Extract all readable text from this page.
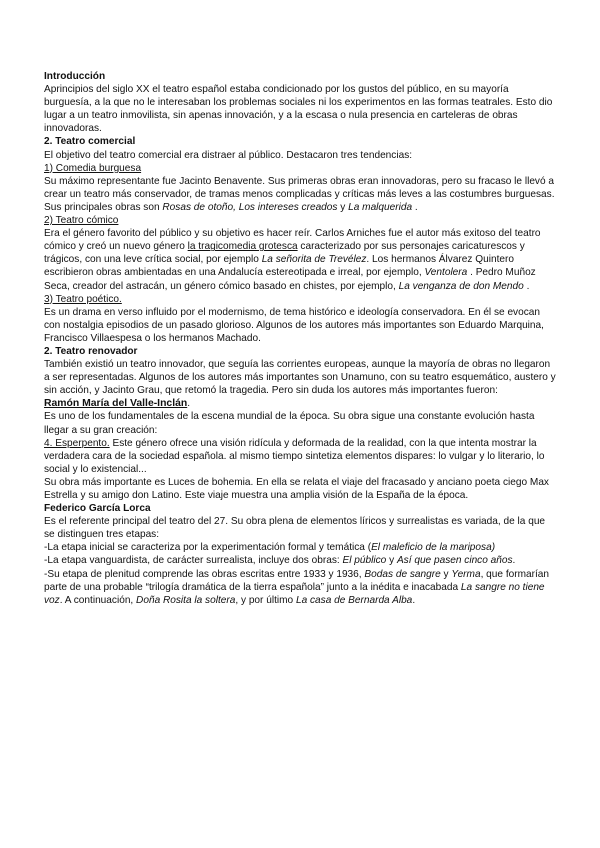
Introducción

Aprincipios del siglo XX el teatro español estaba condicionado por los gustos del público, en su mayoría burguesía, a la que no le interesaban los problemas sociales ni los experimentos en las formas teatrales. Esto dio lugar a un teatro inmovilista, sin apenas innovación, y a la escasa o nula presencia en carteleras de obras innovadoras.

2. Teatro comercial

El objetivo del teatro comercial era distraer al público. Destacaron tres tendencias:

1) Comedia burguesa

Su máximo representante fue Jacinto Benavente. Sus primeras obras eran innovadoras, pero su fracaso le llevó a crear un teatro más conservador, de tramas menos complicadas y críticas más leves a las costumbres burguesas. Sus principales obras son Rosas de otoño, Los intereses creados y La malquerida .

2) Teatro cómico

Era el género favorito del público y su objetivo es hacer reír. Carlos Arniches fue el autor más exitoso del teatro cómico y creó un nuevo género la tragicomedia grotesca caracterizado por sus personajes caricaturescos y trágicos, con una leve crítica social, por ejemplo La señorita de Trevélez. Los hermanos Álvarez Quintero escribieron obras ambientadas en una Andalucía estereotipada e irreal, por ejemplo, Ventolera . Pedro Muñoz Seca, creador del astracán, un género cómico basado en chistes, por ejemplo, La venganza de don Mendo .

3) Teatro poético.

Es un drama en verso influido por el modernismo, de tema histórico e ideología conservadora. En él se evocan con nostalgia episodios de un pasado glorioso. Algunos de los autores más importantes son Eduardo Marquina, Francisco Villaespesa o los hermanos Machado.

2. Teatro renovador

También existió un teatro innovador, que seguía las corrientes europeas, aunque la mayoría de obras no llegaron a ser representadas. Algunos de los autores más importantes son Unamuno, con su teatro esquemático, austero y sin acción, y Jacinto Grau, que retomó la tragedia. Pero sin duda los autores más importantes fueron:

Ramón María del Valle-Inclán.

Es uno de los fundamentales de la escena mundial de la época. Su obra sigue una constante evolución hasta llegar a su gran creación:

4. Esperpento. Este género ofrece una visión ridícula y deformada de la realidad, con la que intenta mostrar la verdadera cara de la sociedad española. al mismo tiempo sintetiza elementos dispares: lo vulgar y lo literario, lo social y lo existencial...

Su obra más importante es Luces de bohemia. En ella se relata el viaje del fracasado y anciano poeta ciego Max Estrella y su amigo don Latino. Este viaje muestra una amplia visión de la España de la época.

Federico García Lorca

Es el referente principal del teatro del 27. Su obra plena de elementos líricos y surrealistas es variada, de la que se distinguen tres etapas:

-La etapa inicial se caracteriza por la experimentación formal y temática (El maleficio de la mariposa)

-La etapa vanguardista, de carácter surrealista, incluye dos obras: El público y Así que pasen cinco años.

-Su etapa de plenitud comprende las obras escritas entre 1933 y 1936, Bodas de sangre y Yerma, que formarían parte de una probable “trilogía dramática de la tierra española” junto a la inédita e inacabada La sangre no tiene voz. A continuación, Doña Rosita la soltera, y por último La casa de Bernarda Alba.
